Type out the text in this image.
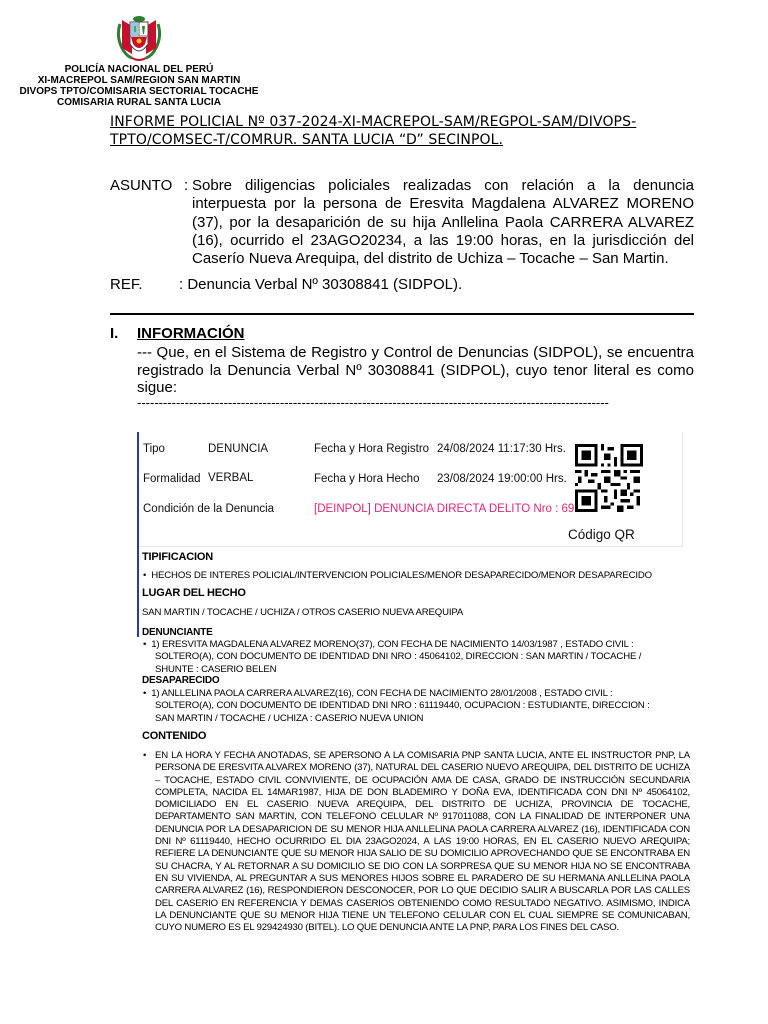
POLICÍA NACIONAL DEL PERÚ
XI-MACREPOL SAM/REGION SAN MARTIN
DIVOPS TPTO/COMISARIA SECTORIAL TOCACHE
COMISARIA RURAL SANTA LUCIA
INFORME POLICIAL Nº 037-2024-XI-MACREPOL-SAM/REGPOL-SAM/DIVOPS-
TPTO/COMSEC-T/COMRUR. SANTA LUCIA “D” SECINPOL.
ASUNTO : Sobre diligencias policiales realizadas con relación a la denuncia interpuesta por la persona de Eresvita Magdalena ALVAREZ MORENO (37), por la desaparición de su hija Anllelina Paola CARRERA ALVAREZ (16), ocurrido el 23AGO20234, a las 19:00 horas, en la jurisdicción del Caserío Nueva Arequipa, del distrito de Uchiza – Tocache – San Martin.
REF. : Denuncia Verbal Nº 30308841 (SIDPOL).
I. INFORMACIÓN
--- Que, en el Sistema de Registro y Control de Denuncias (SIDPOL), se encuentra registrado la Denuncia Verbal Nº 30308841 (SIDPOL), cuyo tenor literal es como sigue:
-------------------------------------------------------------------------------------------------------------
Tipo	DENUNCIA
Formalidad VERBAL
Condición de la Denuncia	[DEINPOL] DENUNCIA DIRECTA DELITO Nro : 69
Fecha y Hora Registro 24/08/2024 11:17:30 Hrs.
Fecha y Hora Hecho 23/08/2024 19:00:00 Hrs.
Código QR
TIPIFICACION
•  HECHOS DE INTERES POLICIAL/INTERVENCION POLICIALES/MENOR DESAPARECIDO/MENOR DESAPARECIDO
LUGAR DEL HECHO
SAN MARTIN / TOCACHE / UCHIZA / OTROS CASERIO NUEVA AREQUIPA
DENUNCIANTE
•  1) ERESVITA MAGDALENA ALVAREZ MORENO(37), CON FECHA DE NACIMIENTO 14/03/1987 , ESTADO CIVIL :
SOLTERO(A), CON DOCUMENTO DE IDENTIDAD DNI NRO : 45064102, DIRECCION : SAN MARTIN / TOCACHE /
SHUNTE : CASERIO BELEN
DESAPARECIDO
•  1) ANLLELINA PAOLA CARRERA ALVAREZ(16), CON FECHA DE NACIMIENTO 28/01/2008 , ESTADO CIVIL :
SOLTERO(A), CON DOCUMENTO DE IDENTIDAD DNI NRO : 61119440, OCUPACION : ESTUDIANTE, DIRECCION :
SAN MARTIN / TOCACHE / UCHIZA : CASERIO NUEVA UNION
CONTENIDO
• EN LA HORA Y FECHA ANOTADAS, SE APERSONO A LA COMISARIA PNP SANTA LUCIA, ANTE EL INSTRUCTOR PNP, LA PERSONA DE ERESVITA ALVAREX MORENO (37), NATURAL DEL CASERIO NUEVO AREQUIPA, DEL DISTRITO DE UCHIZA – TOCACHE, ESTADO CIVIL CONVIVIENTE, DE OCUPACIÓN AMA DE CASA, GRADO DE INSTRUCCIÓN SECUNDARIA COMPLETA, NACIDA EL 14MAR1987, HIJA DE DON BLADEMIRO Y DOÑA EVA, IDENTIFICADA CON DNI Nº 45064102, DOMICILIADO EN EL CASERIO NUEVA AREQUIPA, DEL DISTRITO DE UCHIZA, PROVINCIA DE TOCACHE, DEPARTAMENTO SAN MARTIN, CON TELEFONO CELULAR Nº 917011088, CON LA FINALIDAD DE INTERPONER UNA DENUNCIA POR LA DESAPARICION DE SU MENOR HIJA ANLLELINA PAOLA CARRERA ALVAREZ (16), IDENTIFICADA CON DNI Nº 61119440, HECHO OCURRIDO EL DIA 23AGO2024, A LAS 19:00 HORAS, EN EL CASERIO NUEVO AREQUIPA; REFIERE LA DENUNCIANTE QUE SU MENOR HIJA SALIO DE SU DOMICILIO APROVECHANDO QUE SE ENCONTRABA EN SU CHACRA, Y AL RETORNAR A SU DOMICILIO SE DIO CON LA SORPRESA QUE SU MENOR HIJA NO SE ENCONTRABA EN SU VIVIENDA, AL PREGUNTAR A SUS MENORES HIJOS SOBRE EL PARADERO DE SU HERMANA ANLLELINA PAOLA CARRERA ALVAREZ (16), RESPONDIERON DESCONOCER, POR LO QUE DECIDIO SALIR A BUSCARLA POR LAS CALLES DEL CASERIO EN REFERENCIA Y DEMAS CASERIOS OBTENIENDO COMO RESULTADO NEGATIVO. ASIMISMO, INDICA LA DENUNCIANTE QUE SU MENOR HIJA TIENE UN TELEFONO CELULAR CON EL CUAL SIEMPRE SE COMUNICABAN, CUYO NUMERO ES EL 929424930 (BITEL). LO QUE DENUNCIA ANTE LA PNP, PARA LOS FINES DEL CASO.
